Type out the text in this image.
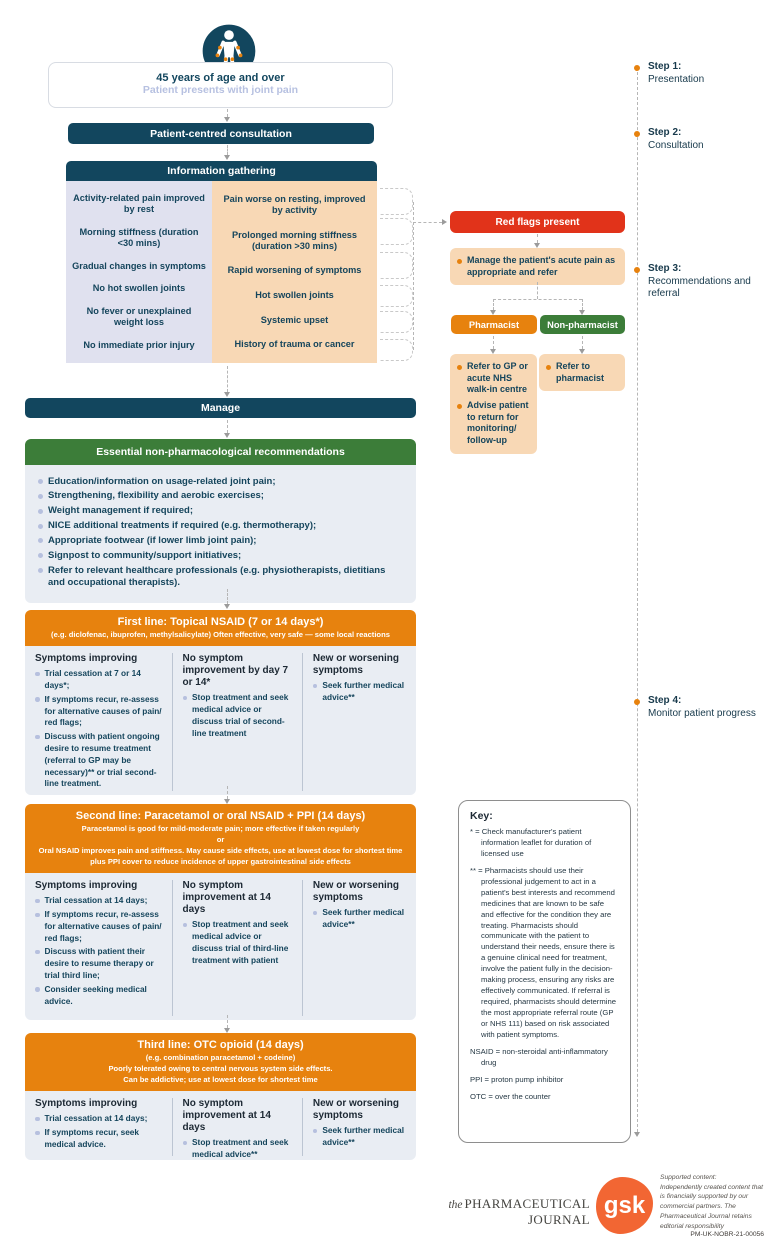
45 years of age and over
Patient presents with joint pain
Patient-centred consultation
Information gathering
Activity-related pain improved by rest
Morning stiffness (duration <30 mins)
Gradual changes in symptoms
No hot swollen joints
No fever or unexplained weight loss
No immediate prior injury
Pain worse on resting, improved by activity
Prolonged morning stiffness (duration >30 mins)
Rapid worsening of symptoms
Hot swollen joints
Systemic upset
History of trauma or cancer
Red flags present
Manage the patient's acute pain as appropriate and refer
Pharmacist	Non-pharmacist
Refer to GP or acute NHS walk-in centre
Advise patient to return for monitoring/ follow-up
Refer to pharmacist
Manage
Essential non-pharmacological recommendations
Education/information on usage-related joint pain;
Strengthening, flexibility and aerobic exercises;
Weight management if required;
NICE additional treatments if required (e.g. thermotherapy);
Appropriate footwear (if lower limb joint pain);
Signpost to community/support initiatives;
Refer to relevant healthcare professionals (e.g. physiotherapists, dietitians and occupational therapists).
First line: Topical NSAID (7 or 14 days*)
(e.g. diclofenac, ibuprofen, methylsalicylate) Often effective, very safe — some local reactions
Symptoms improving
Trial cessation at 7 or 14 days*;
If symptoms recur, re-assess for alternative causes of pain/ red flags;
Discuss with patient ongoing desire to resume treatment (referral to GP may be necessary)** or trial second-line treatment.
No symptom improvement by day 7 or 14*
Stop treatment and seek medical advice or discuss trial of second-line treatment
New or worsening symptoms
Seek further medical advice**
Second line: Paracetamol or oral NSAID + PPI (14 days)
Paracetamol is good for mild-moderate pain; more effective if taken regularly
or
Oral NSAID improves pain and stiffness. May cause side effects, use at lowest dose for shortest time plus PPI cover to reduce incidence of upper gastrointestinal side effects
Symptoms improving
Trial cessation at 14 days;
If symptoms recur, re-assess for alternative causes of pain/ red flags;
Discuss with patient their desire to resume therapy or trial third line;
Consider seeking medical advice.
No symptom improvement at 14 days
Stop treatment and seek medical advice or discuss trial of third-line treatment with patient
New or worsening symptoms
Seek further medical advice**
Third line: OTC opioid (14 days)
(e.g. combination paracetamol + codeine)
Poorly tolerated owing to central nervous system side effects.
Can be addictive; use at lowest dose for shortest time
Symptoms improving
Trial cessation at 14 days;
If symptoms recur, seek medical advice.
No symptom improvement at 14 days
Stop treatment and seek medical advice**
New or worsening symptoms
Seek further medical advice**
Key:

* = Check manufacturer's patient information leaflet for duration of licensed use

** = Pharmacists should use their professional judgement to act in a patient's best interests and recommend medicines that are known to be safe and effective for the condition they are treating. Pharmacists should communicate with the patient to understand their needs, ensure there is a genuine clinical need for treatment, involve the patient fully in the decision-making process, ensuring any risks are effectively communicated. If referral is required, pharmacists should determine the most appropriate referral route (GP or NHS 111) based on risk associated with patient symptoms.

NSAID = non-steroidal anti-inflammatory drug

PPI = proton pump inhibitor

OTC = over the counter

Step 1:
Presentation
Step 2:
Consultation
Step 3:
Recommendations and referral
Step 4:
Monitor patient progress
the PHARMACEUTICAL JOURNAL
gsk
Supported content:
Independently created content that is financially supported by our commercial partners. The Pharmaceutical Journal retains editorial responsibility
PM-UK-NOBR-21-00056
